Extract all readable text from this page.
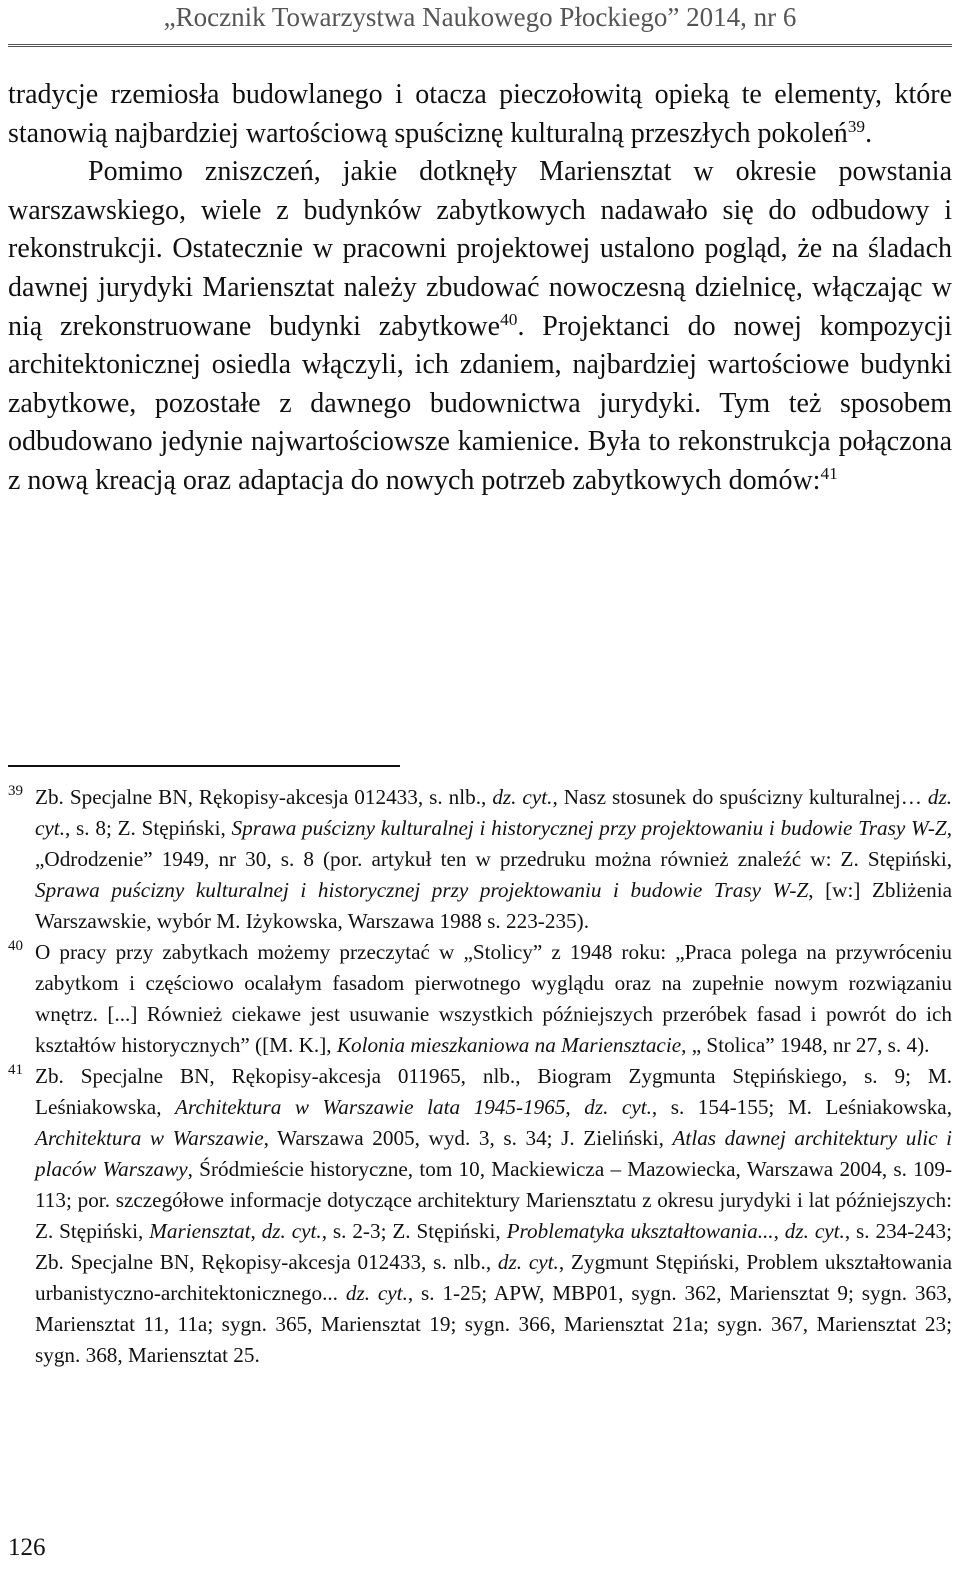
„Rocznik Towarzystwa Naukowego Płockiego” 2014, nr 6

tradycje rzemiosła budowlanego i otacza pieczołowitą opieką te elementy, które stanowią najbardziej wartościową spuściznę kulturalną przeszłych pokoleń$^{39}$.

Pomimo zniszczeń, jakie dotknęły Mariensztat w okresie powstania warszawskiego, wiele z budynków zabytkowych nadawało się do odbudowy i rekonstrukcji. Ostatecznie w pracowni projektowej ustalono pogląd, że na śladach dawnej jurydyki Mariensztat należy zbudować nowoczesną dzielnicę, włączając w nią zrekonstruowane budynki zabytkowe$^{40}$. Projektanci do nowej kompozycji architektonicznej osiedla włączyli, ich zdaniem, najbardziej wartościowe budynki zabytkowe, pozostałe z dawnego budownictwa jurydyki. Tym też sposobem odbudowano jedynie najwartościowsze kamienice. Była to rekonstrukcja połączona z nową kreacją oraz adaptacja do nowych potrzeb zabytkowych domów:$^{41}$

39 Zb. Specjalne BN, Rękopisy-akcesja 012433, s. nlb., dz. cyt., Nasz stosunek do spuścizny kulturalnej… dz. cyt., s. 8; Z. Stępiński, Sprawa puścizny kulturalnej i historycznej przy projektowaniu i budowie Trasy W-Z, „Odrodzenie” 1949, nr 30, s. 8 (por. artykuł ten w przedruku można również znaleźć w: Z. Stępiński, Sprawa puścizny kulturalnej i historycznej przy projektowaniu i budowie Trasy W-Z, [w:] Zbliżenia Warszawskie, wybór M. Iżykowska, Warszawa 1988 s. 223-235).
40 O pracy przy zabytkach możemy przeczytać w „Stolicy” z 1948 roku: „Praca polega na przywróceniu zabytkom i częściowo ocalałym fasadom pierwotnego wyglądu oraz na zupełnie nowym rozwiązaniu wnętrz. [...] Również ciekawe jest usuwanie wszystkich późniejszych przeróbek fasad i powrót do ich kształtów historycznych” ([M. K.], Kolonia mieszkaniowa na Mariensztacie, „ Stolica” 1948, nr 27, s. 4).
41 Zb. Specjalne BN, Rękopisy-akcesja 011965, nlb., Biogram Zygmunta Stępińskiego, s. 9; M. Leśniakowska, Architektura w Warszawie lata 1945-1965, dz. cyt., s. 154-155; M. Leśniakowska, Architektura w Warszawie, Warszawa 2005, wyd. 3, s. 34; J. Zieliński, Atlas dawnej architektury ulic i placów Warszawy, Śródmieście historyczne, tom 10, Mackiewicza – Mazowiecka, Warszawa 2004, s. 109-113; por. szczegółowe informacje dotyczące architektury Mariensztatu z okresu jurydyki i lat późniejszych: Z. Stępiński, Mariensztat, dz. cyt., s. 2-3; Z. Stępiński, Problematyka ukształtowania..., dz. cyt., s. 234-243; Zb. Specjalne BN, Rękopisy-akcesja 012433, s. nlb., dz. cyt., Zygmunt Stępiński, Problem ukształtowania urbanistyczno-architektonicznego... dz. cyt., s. 1-25; APW, MBP01, sygn. 362, Mariensztat 9; sygn. 363, Mariensztat 11, 11a; sygn. 365, Mariensztat 19; sygn. 366, Mariensztat 21a; sygn. 367, Mariensztat 23; sygn. 368, Mariensztat 25.
126
